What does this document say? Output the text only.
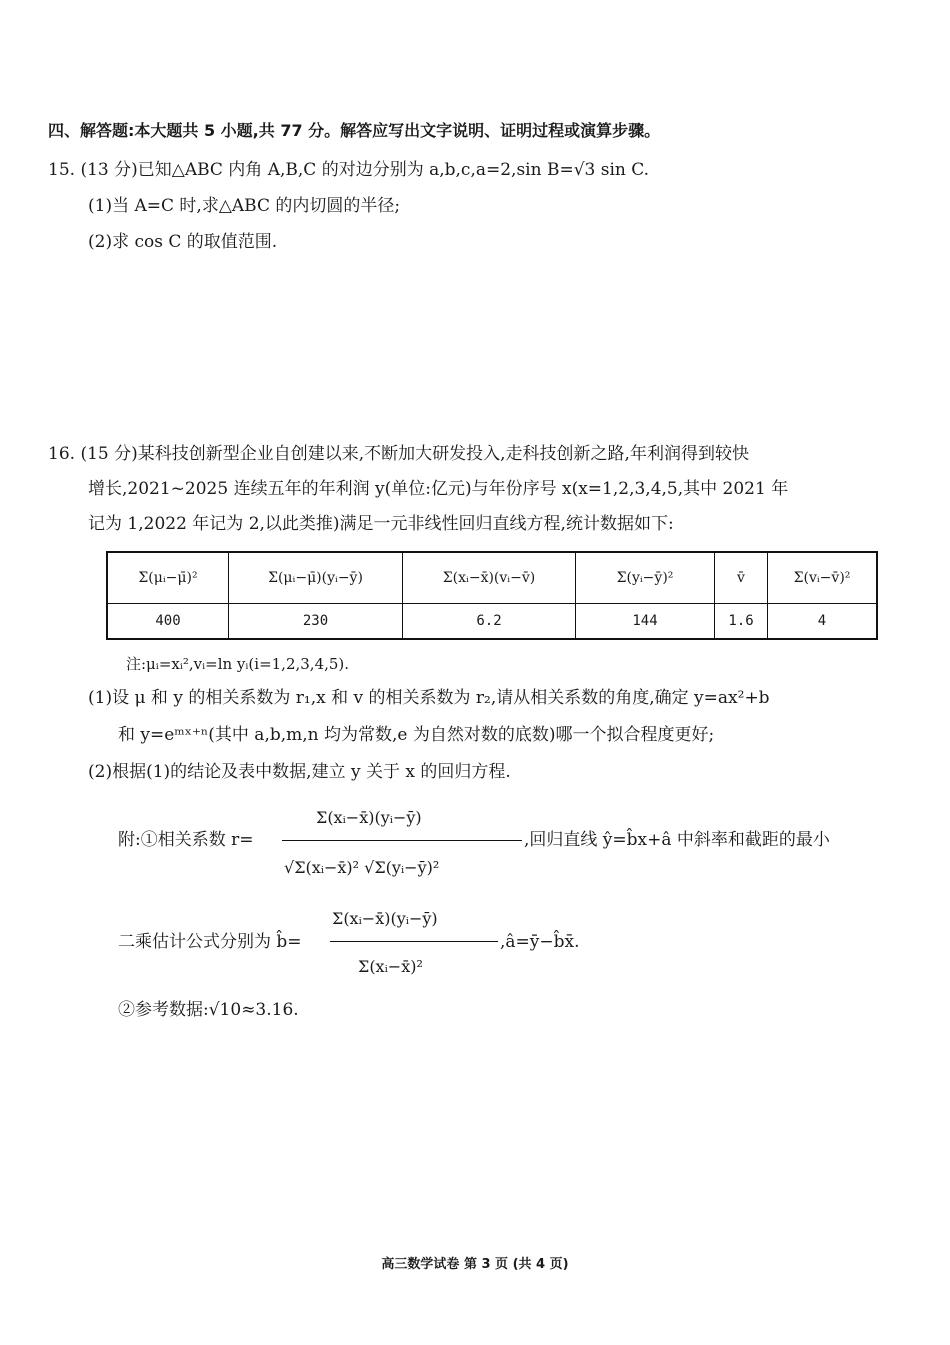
四、解答题:本大题共 5 小题,共 77 分。解答应写出文字说明、证明过程或演算步骤。
15. (13 分)已知△ABC 内角 A,B,C 的对边分别为 a,b,c,a=2,sin B=√3 sin C.
(1)当 A=C 时,求△ABC 的内切圆的半径;
(2)求 cos C 的取值范围.
16. (15 分)某科技创新型企业自创建以来,不断加大研发投入,走科技创新之路,年利润得到较快
增长,2021~2025 连续五年的年利润 y(单位:亿元)与年份序号 x(x=1,2,3,4,5,其中 2021 年
记为 1,2022 年记为 2,以此类推)满足一元非线性回归直线方程,统计数据如下:
Σ(μᵢ−μ̄)²	Σ(μᵢ−μ̄)(yᵢ−ȳ)	Σ(xᵢ−x̄)(vᵢ−v̄)	Σ(yᵢ−ȳ)²	v̄	Σ(vᵢ−v̄)²
400	230	6.2	144	1.6	4
注:μᵢ=xᵢ²,vᵢ=ln yᵢ(i=1,2,3,4,5).
(1)设 μ 和 y 的相关系数为 r₁,x 和 v 的相关系数为 r₂,请从相关系数的角度,确定 y=ax²+b
和 y=eᵐˣ⁺ⁿ(其中 a,b,m,n 均为常数,e 为自然对数的底数)哪一个拟合程度更好;
(2)根据(1)的结论及表中数据,建立 y 关于 x 的回归方程.
附:①相关系数 r=
Σ(xᵢ−x̄)(yᵢ−ȳ)
√Σ(xᵢ−x̄)² √Σ(yᵢ−ȳ)²
,回归直线 ŷ=b̂x+â 中斜率和截距的最小
二乘估计公式分别为 b̂=
Σ(xᵢ−x̄)(yᵢ−ȳ)
Σ(xᵢ−x̄)²
,â=ȳ−b̂x̄.
②参考数据:√10≈3.16.
高三数学试卷 第 3 页 (共 4 页)
